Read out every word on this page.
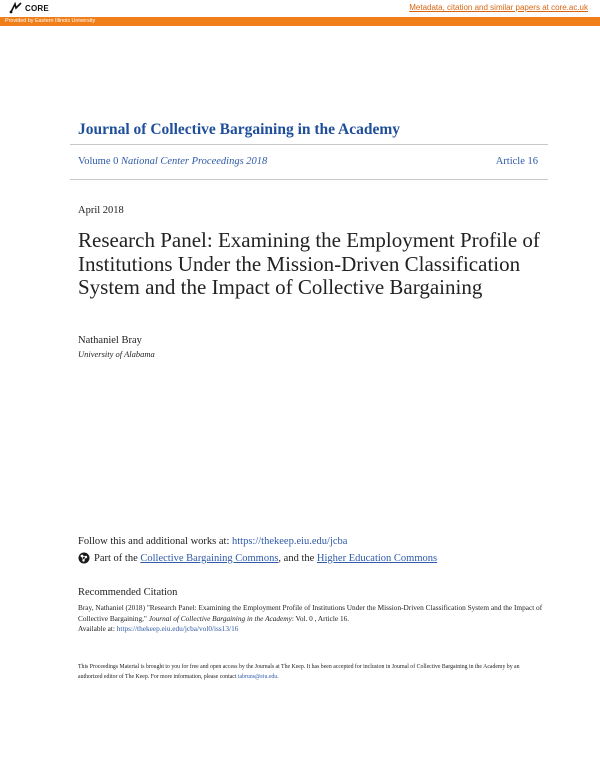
CORE	Metadata, citation and similar papers at core.ac.uk
Provided by Eastern Illinois University
Journal of Collective Bargaining in the Academy
Volume 0 National Center Proceedings 2018	Article 16
April 2018
Research Panel: Examining the Employment Profile of Institutions Under the Mission-Driven Classification System and the Impact of Collective Bargaining
Nathaniel Bray
University of Alabama
Follow this and additional works at: https://thekeep.eiu.edu/jcba
Part of the Collective Bargaining Commons, and the Higher Education Commons
Recommended Citation
Bray, Nathaniel (2018) "Research Panel: Examining the Employment Profile of Institutions Under the Mission-Driven Classification System and the Impact of Collective Bargaining," Journal of Collective Bargaining in the Academy: Vol. 0 , Article 16.
Available at: https://thekeep.eiu.edu/jcba/vol0/iss13/16
This Proceedings Material is brought to you for free and open access by the Journals at The Keep. It has been accepted for inclusion in Journal of Collective Bargaining in the Academy by an authorized editor of The Keep. For more information, please contact tabruns@eiu.edu.
